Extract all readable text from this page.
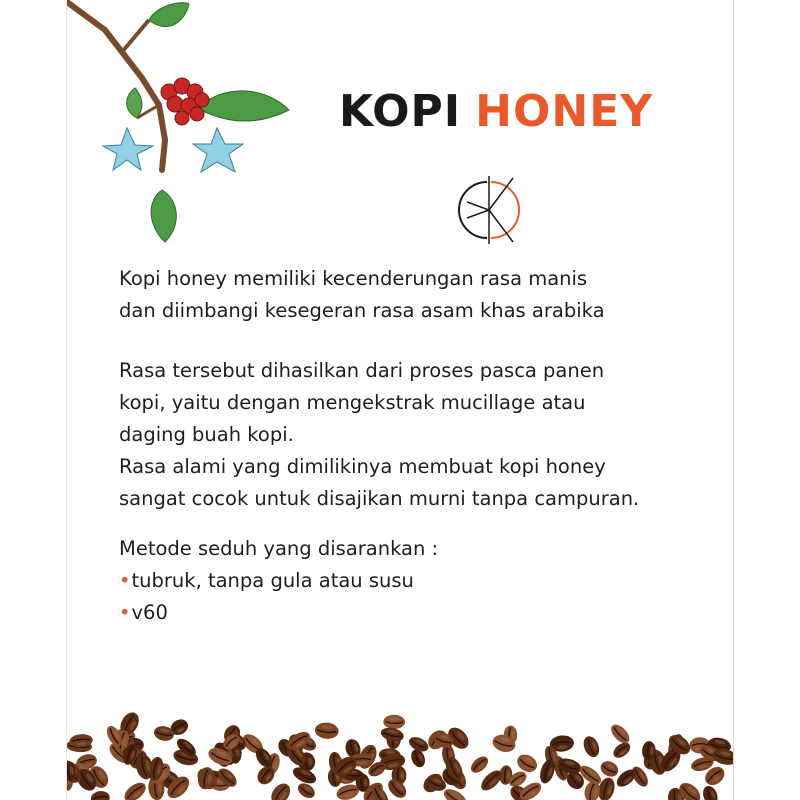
KOPI HONEY
Kopi honey memiliki kecenderungan rasa manis
dan diimbangi kesegeran rasa asam khas arabika
Rasa tersebut dihasilkan dari proses pasca panen
kopi, yaitu dengan mengekstrak mucillage atau
daging buah kopi.
Rasa alami yang dimilikinya membuat kopi honey
sangat cocok untuk disajikan murni tanpa campuran.
Metode seduh yang disarankan :
•tubruk, tanpa gula atau susu
•v60
